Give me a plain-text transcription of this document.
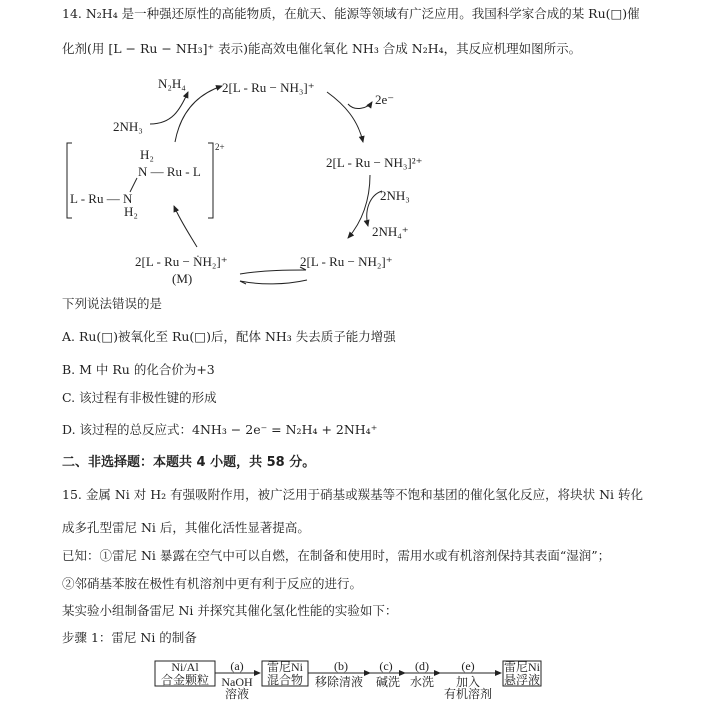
14. N₂H₄ 是一种强还原性的高能物质，在航天、能源等领域有广泛应用。我国科学家合成的某 Ru(□)催
化剂(用 [L − Ru − NH₃]⁺ 表示)能高效电催化氧化 NH₃ 合成 N₂H₄，其反应机理如图所示。
N₂H₄	2[L - Ru − NH₃]⁺
2e⁻
2NH₃
2[L - Ru − NH₃]²⁺
2NH₃
2NH₄⁺
2[L - Ru − NH₂]⁺
2[L - Ru − ṄH₂]⁺
(M)
2+
H₂
N — Ru - L
L - Ru — N
H₂
下列说法错误的是
A. Ru(□)被氧化至 Ru(□)后，配体 NH₃ 失去质子能力增强
B. M 中 Ru 的化合价为+3
C. 该过程有非极性键的形成
D. 该过程的总反应式：4NH₃ − 2e⁻ = N₂H₄ + 2NH₄⁺
二、非选择题：本题共 4 小题，共 58 分。
15. 金属 Ni 对 H₂ 有强吸附作用，被广泛用于硝基或羰基等不饱和基团的催化氢化反应，将块状 Ni 转化
成多孔型雷尼 Ni 后，其催化活性显著提高。
已知：①雷尼 Ni 暴露在空气中可以自燃，在制备和使用时，需用水或有机溶剂保持其表面“湿润”；
②邻硝基苯胺在极性有机溶剂中更有利于反应的进行。
某实验小组制备雷尼 Ni 并探究其催化氢化性能的实验如下：
步骤 1：雷尼 Ni 的制备
Ni/Al
合金颗粒
(a)
NaOH
溶液
雷尼Ni
混合物
(b)
移除清液
(c)
碱洗
(d)
水洗
(e)
加入
有机溶剂
雷尼Ni
悬浮液
